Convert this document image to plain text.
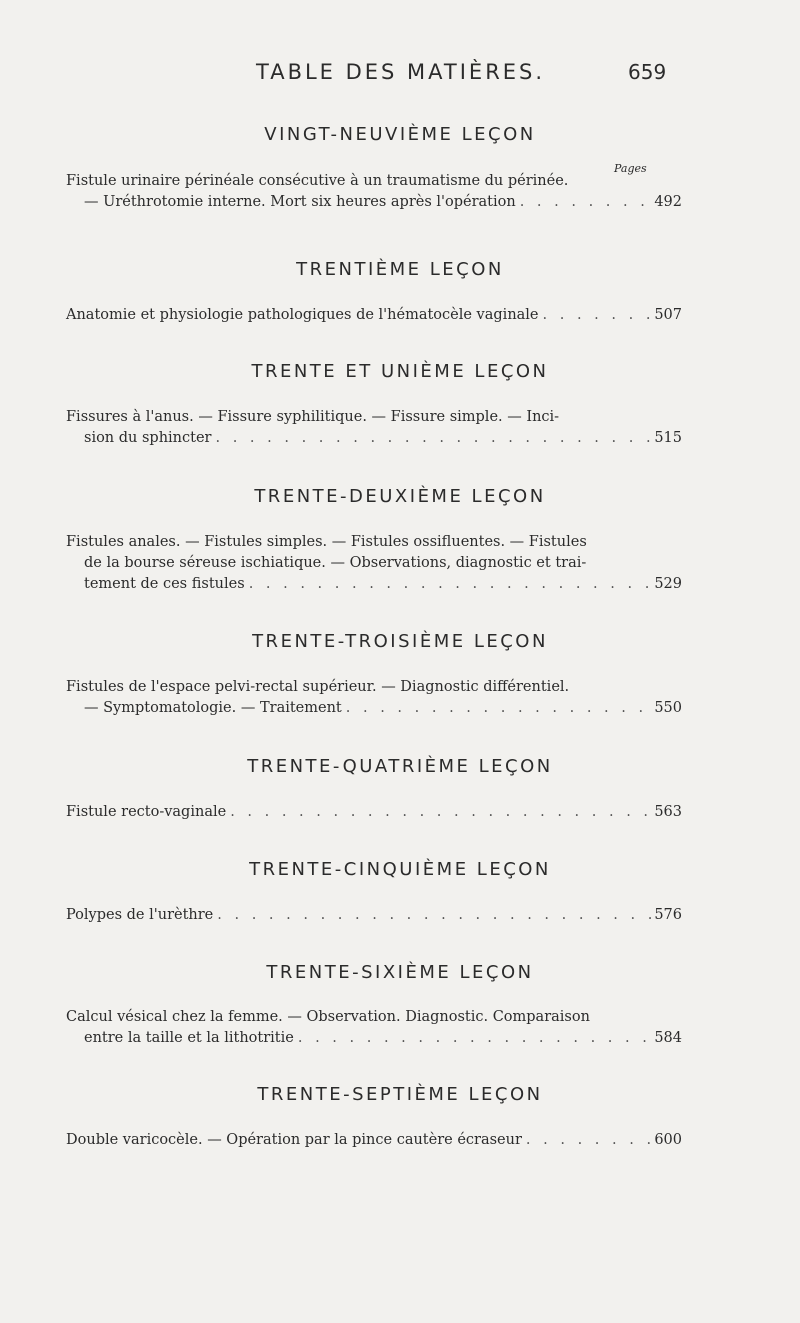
TABLE DES MATIÈRES.	659
VINGT-NEUVIÈME LEÇON
Pages
Fistule urinaire périnéale consécutive à un traumatisme du périnée.
— Uréthrotomie interne. Mort six heures après l'opération . . .	492
TRENTIÈME LEÇON
Anatomie et physiologie pathologiques de l'hématocèle vaginale . . .	507
TRENTE ET UNIÈME LEÇON
Fissures à l'anus. — Fissure syphilitique. — Fissure simple. — Inci-
sion du sphincter . . .	515
TRENTE-DEUXIÈME LEÇON
Fistules anales. — Fistules simples. — Fistules ossifluentes. — Fistules
de la bourse séreuse ischiatique. — Observations, diagnostic et trai-
tement de ces fistules . . .	529
TRENTE-TROISIÈME LEÇON
Fistules de l'espace pelvi-rectal supérieur. — Diagnostic différentiel.
— Symptomatologie. — Traitement . . .	550
TRENTE-QUATRIÈME LEÇON
Fistule recto-vaginale . . .	563
TRENTE-CINQUIÈME LEÇON
Polypes de l'urèthre . . .	576
TRENTE-SIXIÈME LEÇON
Calcul vésical chez la femme. — Observation. Diagnostic. Comparaison
entre la taille et la lithotritie . . .	584
TRENTE-SEPTIÈME LEÇON
Double varicocèle. — Opération par la pince cautère écraseur . . .	600
